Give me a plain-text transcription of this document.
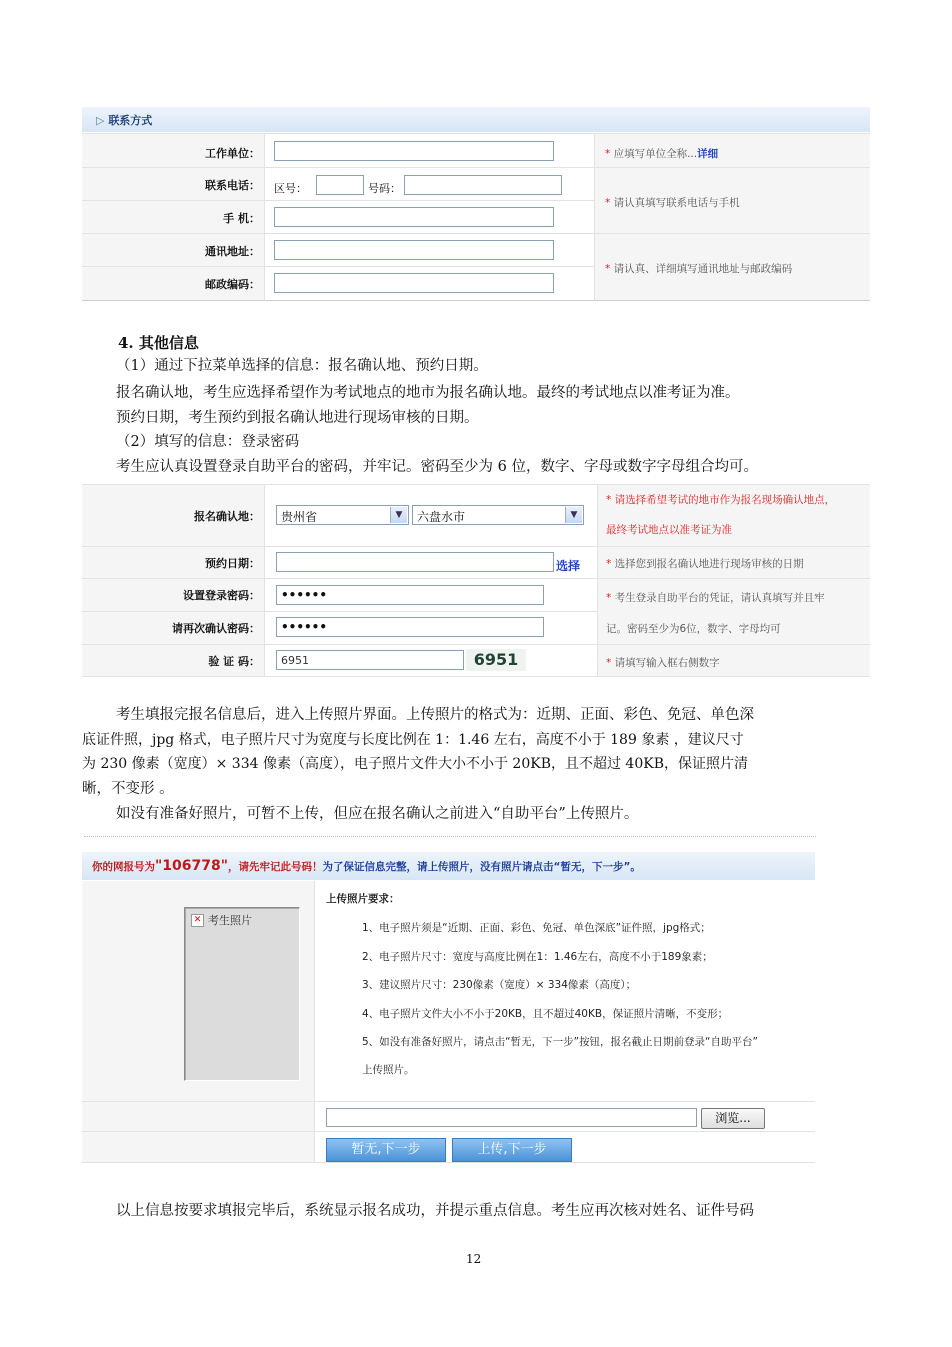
▷ 联系方式
工作单位：	* 应填写单位全称...详细
联系电话： 区号：	号码：
* 请认真填写联系电话与手机
手 机：
通讯地址：
* 请认真、详细填写通讯地址与邮政编码
邮政编码：
4. 其他信息
（1）通过下拉菜单选择的信息：报名确认地、预约日期。
报名确认地，考生应选择希望作为考试地点的地市为报名确认地。最终的考试地点以准考证为准。
预约日期，考生预约到报名确认地进行现场审核的日期。
（2）填写的信息：登录密码
考生应认真设置登录自助平台的密码，并牢记。密码至少为 6 位，数字、字母或数字字母组合均可。
报名确认地：	贵州省	▼	六盘水市	▼
* 请选择希望考试的地市作为报名现场确认地点，
最终考试地点以准考证为准
预约日期：	选择 * 选择您到报名确认地进行现场审核的日期
设置登录密码：	••••••	* 考生登录自助平台的凭证，请认真填写并且牢
请再次确认密码：	••••••	记。密码至少为6位，数字、字母均可
验 证 码：	6951	6951	* 请填写输入框右侧数字
考生填报完报名信息后，进入上传照片界面。上传照片的格式为：近期、正面、彩色、免冠、单色深
底证件照，jpg 格式，电子照片尺寸为宽度与长度比例在 1：1.46 左右，高度不小于 189 象素 ，建议尺寸
为 230 像素（宽度）× 334 像素（高度），电子照片文件大小不小于 20KB，且不超过 40KB，保证照片清
晰，不变形 。
如没有准备好照片，可暂不上传，但应在报名确认之前进入“自助平台”上传照片。
你的网报号为"106778"，请先牢记此号码！为了保证信息完整，请上传照片，没有照片请点击“暂无，下一步”。
✕ 考生照片
上传照片要求：
1、电子照片须是“近期、正面、彩色、免冠、单色深底”证件照，jpg格式；
2、电子照片尺寸：宽度与高度比例在1：1.46左右，高度不小于189象素；
3、建议照片尺寸：230像素（宽度）× 334像素（高度）；
4、电子照片文件大小不小于20KB，且不超过40KB，保证照片清晰，不变形；
5、如没有准备好照片，请点击“暂无，下一步”按钮，报名截止日期前登录“自助平台”
上传照片。
浏览...
暂无,下一步	上传,下一步
以上信息按要求填报完毕后，系统显示报名成功，并提示重点信息。考生应再次核对姓名、证件号码
12
